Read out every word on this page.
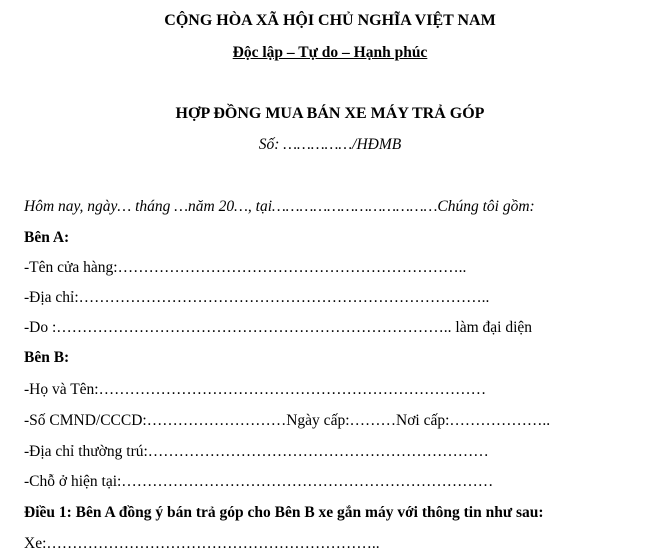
CỘNG HÒA XÃ HỘI CHỦ NGHĨA VIỆT NAM
Độc lập – Tự do – Hạnh phúc
HỢP ĐỒNG MUA BÁN XE MÁY TRẢ GÓP
Số: ……………/HĐMB
Hôm nay, ngày… tháng …năm 20…, tại………………………………Chúng tôi gồm:
Bên A:
-Tên cửa hàng:…………………………………………………………..
-Địa chỉ:……………………………………………………………………..
-Do :………………………………………………………………….. làm đại diện
Bên B:
-Họ và Tên:…………………………………………………………………
-Số CMND/CCCD:………………………Ngày cấp:………Nơi cấp:………………..
-Địa chỉ thường trú:…………………………………………………………
-Chỗ ở hiện tại:………………………………………………………………
Điều 1: Bên A đồng ý bán trả góp cho Bên B xe gắn máy với thông tin như sau:
Xe:………………………………………………………..
